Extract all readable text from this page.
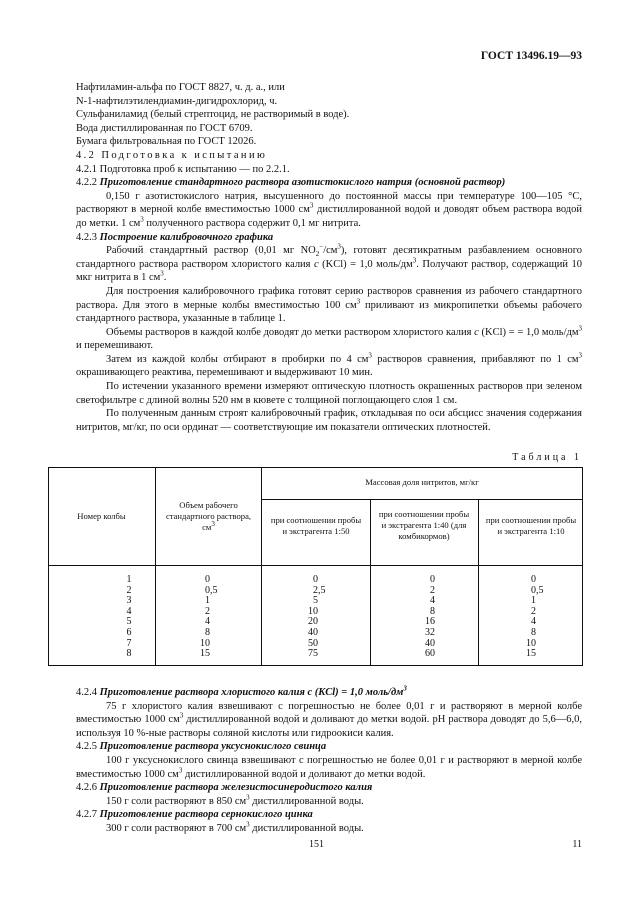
ГОСТ 13496.19—93

Нафтиламин-альфа по ГОСТ 8827, ч. д. а., или

N-1-нафтилэтилендиамин-дигидрохлорид, ч.

Сульфаниламид (белый стрептоцид, не растворимый в воде).

Вода дистиллированная по ГОСТ 6709.

Бумага фильтровальная по ГОСТ 12026.

4.2 Подготовка к испытанию

4.2.1 Подготовка проб к испытанию — по 2.2.1.

4.2.2 Приготовление стандартного раствора азотистокислого натрия (основной раствор)

0,150 г азотистокислого натрия, высушенного до постоянной массы при температуре 100—105 °С, растворяют в мерной колбе вместимостью 1000 $см^3$ дистиллированной водой и доводят объем раствора водой до метки. 1 $см^3$ полученного раствора содержит 0,1 мг нитрита.

4.2.3 Построение калибровочного графика

Рабочий стандартный раствор (0,01 мг $NO_2^-/см^3$), готовят десятикратным разбавлением основного стандартного раствора раствором хлористого калия с (KCl) = 1,0 моль/$дм^3$. Получают раствор, содержащий 10 мкг нитрита в 1 $см^3$.

Для построения калибровочного графика готовят серию растворов сравнения из рабочего стандартного раствора. Для этого в мерные колбы вместимостью 100 $см^3$ приливают из микропипетки объемы рабочего стандартного раствора, указанные в таблице 1.

Объемы растворов в каждой колбе доводят до метки раствором хлористого калия с (KCl) = = 1,0 моль/$дм^3$ и перемешивают.

Затем из каждой колбы отбирают в пробирки по 4 $см^3$ растворов сравнения, прибавляют по 1 $см^3$ окрашивающего реактива, перемешивают и выдерживают 10 мин.

По истечении указанного времени измеряют оптическую плотность окрашенных растворов при зеленом светофильтре с длиной волны 520 нм в кювете с толщиной поглощающего слоя 1 см.

По полученным данным строят калибровочный график, откладывая по оси абсцисс значения содержания нитритов, мг/кг, по оси ординат — соответствующие им показатели оптических плотностей.

Таблица 1
Номер колбы
Объем рабочего стандартного раствора, $см^3$
Массовая доля нитритов, мг/кг
при соотношении пробы и экстрагента 1:50
при соотношении пробы и экстрагента 1:40 (для комбикормов)
при соотношении пробы и экстрагента 1:10
1
2
3
4
5
6
7
8
0
0,5
1
2
4
8
10
15
0
2,5
5
10
20
40
50
75
0
2
4
8
16
32
40
60
0
0,5
1
2
4
8
10
15

4.2.4 Приготовление раствора хлористого калия с (KCl) = 1,0 моль/$дм^3$

75 г хлористого калия взвешивают с погрешностью не более 0,01 г и растворяют в мерной колбе вместимостью 1000 $см^3$ дистиллированной водой и доливают до метки водой. pH раствора доводят до 5,6—6,0, используя 10 %-ные растворы соляной кислоты или гидроокиси калия.

4.2.5 Приготовление раствора уксуснокислого свинца

100 г уксуснокислого свинца взвешивают с погрешностью не более 0,01 г и растворяют в мерной колбе вместимостью 1000 $см^3$ дистиллированной водой и доливают до метки водой.

4.2.6 Приготовление раствора железистосинеродистого калия

150 г соли растворяют в 850 $см^3$ дистиллированной воды.

4.2.7 Приготовление раствора сернокислого цинка

300 г соли растворяют в 700 $см^3$ дистиллированной воды.

151	11
